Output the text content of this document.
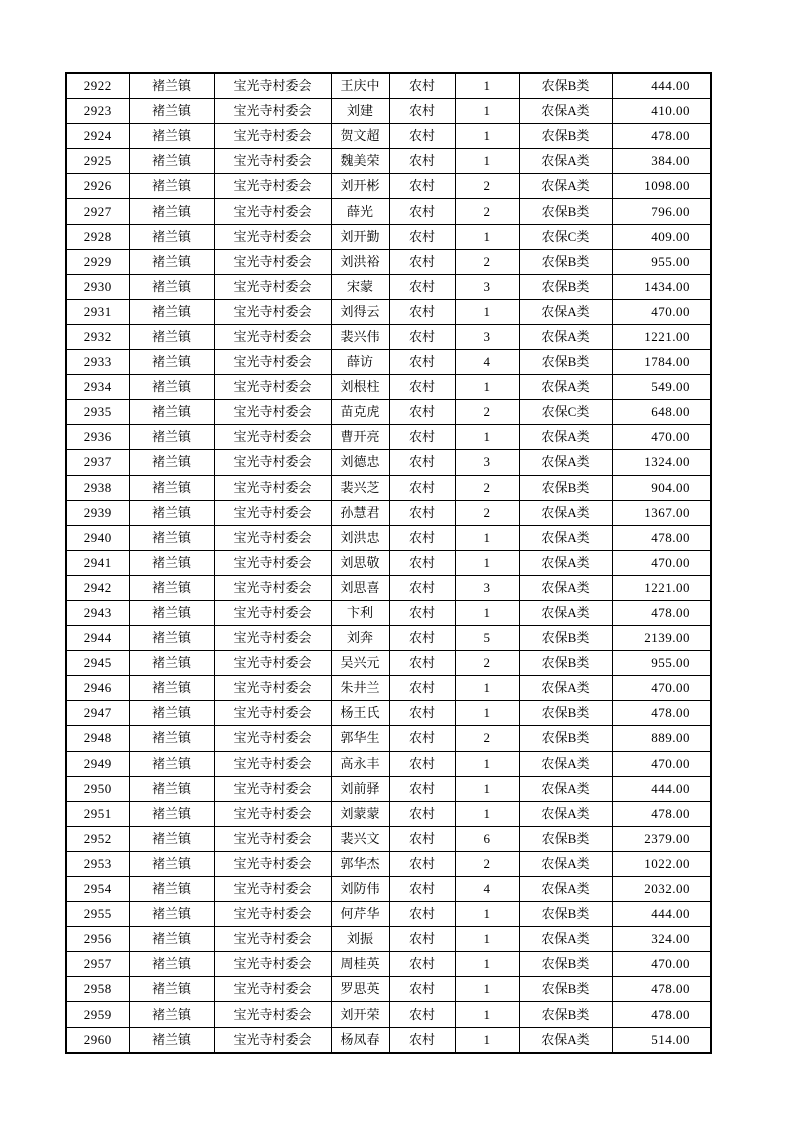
2922	褚兰镇	宝光寺村委会	王庆中	农村	1	农保B类	444.00
2923	褚兰镇	宝光寺村委会	刘建	农村	1	农保A类	410.00
2924	褚兰镇	宝光寺村委会	贺文超	农村	1	农保B类	478.00
2925	褚兰镇	宝光寺村委会	魏美荣	农村	1	农保A类	384.00
2926	褚兰镇	宝光寺村委会	刘开彬	农村	2	农保A类	1098.00
2927	褚兰镇	宝光寺村委会	薛光	农村	2	农保B类	796.00
2928	褚兰镇	宝光寺村委会	刘开勤	农村	1	农保C类	409.00
2929	褚兰镇	宝光寺村委会	刘洪裕	农村	2	农保B类	955.00
2930	褚兰镇	宝光寺村委会	宋蒙	农村	3	农保B类	1434.00
2931	褚兰镇	宝光寺村委会	刘得云	农村	1	农保A类	470.00
2932	褚兰镇	宝光寺村委会	裴兴伟	农村	3	农保A类	1221.00
2933	褚兰镇	宝光寺村委会	薛访	农村	4	农保B类	1784.00
2934	褚兰镇	宝光寺村委会	刘根柱	农村	1	农保A类	549.00
2935	褚兰镇	宝光寺村委会	苗克虎	农村	2	农保C类	648.00
2936	褚兰镇	宝光寺村委会	曹开亮	农村	1	农保A类	470.00
2937	褚兰镇	宝光寺村委会	刘德忠	农村	3	农保A类	1324.00
2938	褚兰镇	宝光寺村委会	裴兴芝	农村	2	农保B类	904.00
2939	褚兰镇	宝光寺村委会	孙慧君	农村	2	农保A类	1367.00
2940	褚兰镇	宝光寺村委会	刘洪忠	农村	1	农保A类	478.00
2941	褚兰镇	宝光寺村委会	刘思敬	农村	1	农保A类	470.00
2942	褚兰镇	宝光寺村委会	刘思喜	农村	3	农保A类	1221.00
2943	褚兰镇	宝光寺村委会	卞利	农村	1	农保A类	478.00
2944	褚兰镇	宝光寺村委会	刘奔	农村	5	农保B类	2139.00
2945	褚兰镇	宝光寺村委会	吴兴元	农村	2	农保B类	955.00
2946	褚兰镇	宝光寺村委会	朱井兰	农村	1	农保A类	470.00
2947	褚兰镇	宝光寺村委会	杨王氏	农村	1	农保B类	478.00
2948	褚兰镇	宝光寺村委会	郭华生	农村	2	农保B类	889.00
2949	褚兰镇	宝光寺村委会	高永丰	农村	1	农保A类	470.00
2950	褚兰镇	宝光寺村委会	刘前驿	农村	1	农保A类	444.00
2951	褚兰镇	宝光寺村委会	刘蒙蒙	农村	1	农保A类	478.00
2952	褚兰镇	宝光寺村委会	裴兴文	农村	6	农保B类	2379.00
2953	褚兰镇	宝光寺村委会	郭华杰	农村	2	农保A类	1022.00
2954	褚兰镇	宝光寺村委会	刘防伟	农村	4	农保A类	2032.00
2955	褚兰镇	宝光寺村委会	何芹华	农村	1	农保B类	444.00
2956	褚兰镇	宝光寺村委会	刘振	农村	1	农保A类	324.00
2957	褚兰镇	宝光寺村委会	周桂英	农村	1	农保B类	470.00
2958	褚兰镇	宝光寺村委会	罗思英	农村	1	农保B类	478.00
2959	褚兰镇	宝光寺村委会	刘开荣	农村	1	农保B类	478.00
2960	褚兰镇	宝光寺村委会	杨凤春	农村	1	农保A类	514.00
